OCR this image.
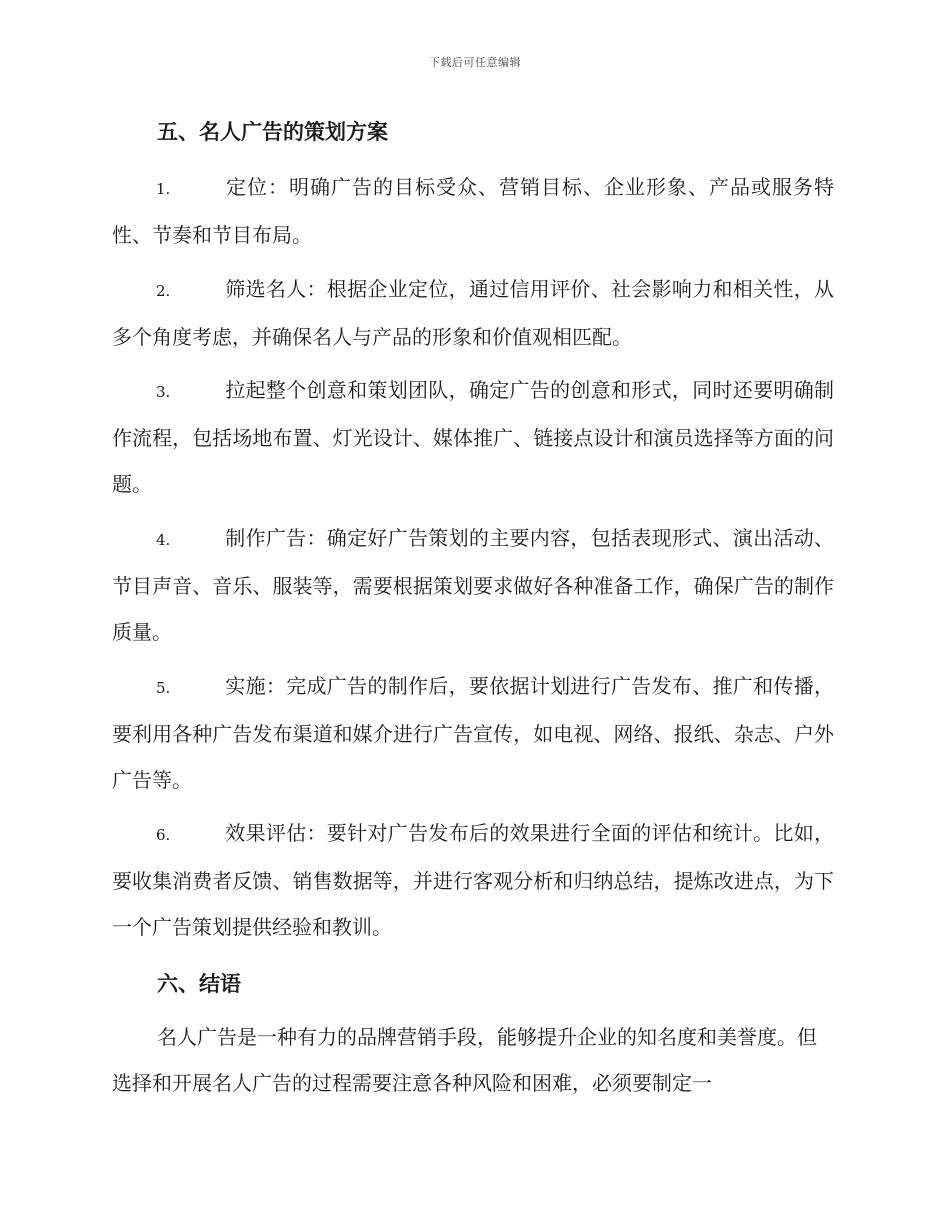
下载后可任意编辑
五、名人广告的策划方案
1.	定位：明确广告的目标受众、营销目标、企业形象、产品或服务特性、节奏和节目布局。
2.	筛选名人：根据企业定位，通过信用评价、社会影响力和相关性，从多个角度考虑，并确保名人与产品的形象和价值观相匹配。
3.	拉起整个创意和策划团队，确定广告的创意和形式，同时还要明确制作流程，包括场地布置、灯光设计、媒体推广、链接点设计和演员选择等方面的问题。
4.	制作广告：确定好广告策划的主要内容，包括表现形式、演出活动、节目声音、音乐、服装等，需要根据策划要求做好各种准备工作，确保广告的制作质量。
5.	实施：完成广告的制作后，要依据计划进行广告发布、推广和传播，要利用各种广告发布渠道和媒介进行广告宣传，如电视、网络、报纸、杂志、户外广告等。
6.	效果评估：要针对广告发布后的效果进行全面的评估和统计。比如，要收集消费者反馈、销售数据等，并进行客观分析和归纳总结，提炼改进点，为下一个广告策划提供经验和教训。
六、结语
名人广告是一种有力的品牌营销手段，能够提升企业的知名度和美誉度。但选择和开展名人广告的过程需要注意各种风险和困难，必须要制定一
